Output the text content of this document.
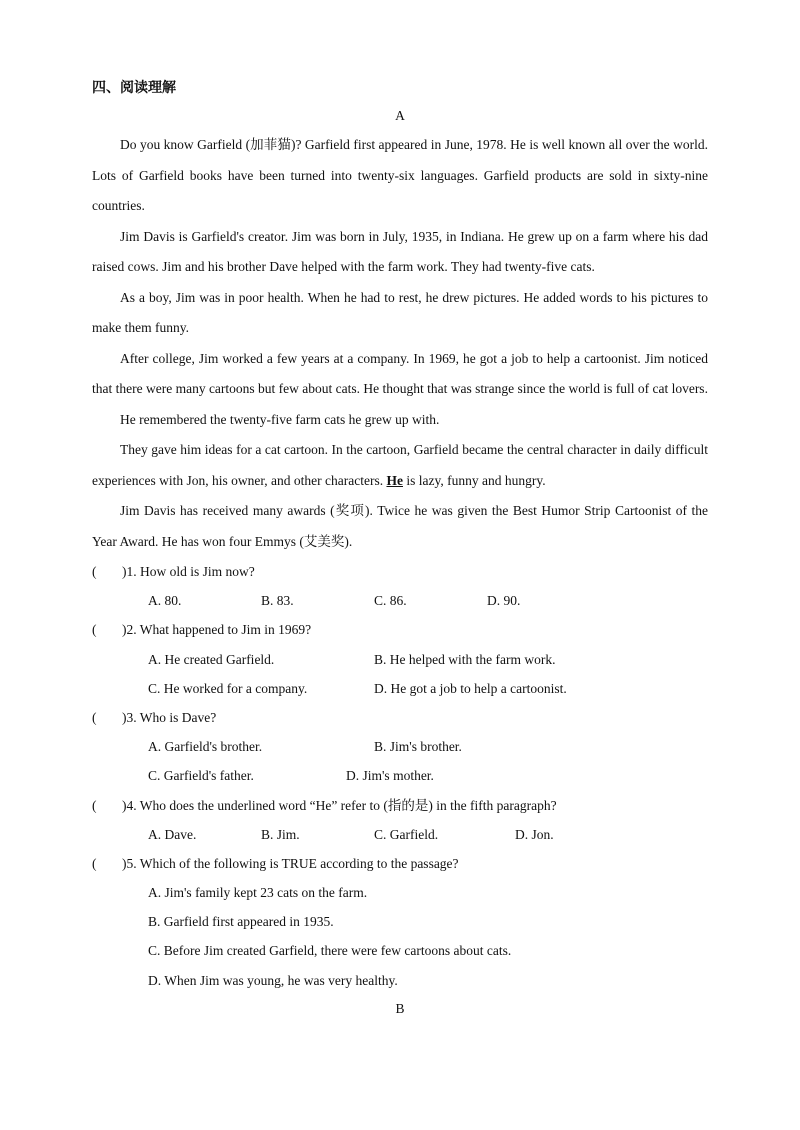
四、阅读理解
A

Do you know Garfield (加菲猫)? Garfield first appeared in June, 1978. He is well known all over the world. Lots of Garfield books have been turned into twenty-six languages. Garfield products are sold in sixty-nine countries.

Jim Davis is Garfield's creator. Jim was born in July, 1935, in Indiana. He grew up on a farm where his dad raised cows. Jim and his brother Dave helped with the farm work. They had twenty-five cats.

As a boy, Jim was in poor health. When he had to rest, he drew pictures. He added words to his pictures to make them funny.

After college, Jim worked a few years at a company. In 1969, he got a job to help a cartoonist. Jim noticed that there were many cartoons but few about cats. He thought that was strange since the world is full of cat lovers.

He remembered the twenty-five farm cats he grew up with.

They gave him ideas for a cat cartoon. In the cartoon, Garfield became the central character in daily difficult experiences with Jon, his owner, and other characters. He is lazy, funny and hungry.

Jim Davis has received many awards (奖项). Twice he was given the Best Humor Strip Cartoonist of the Year Award. He has won four Emmys (艾美奖).

( )1. How old is Jim now?
A. 80.	B. 83.	C. 86.	D. 90.
( )2. What happened to Jim in 1969?
A. He created Garfield.	B. He helped with the farm work.
C. He worked for a company.	D. He got a job to help a cartoonist.
( )3. Who is Dave?
A. Garfield's brother.	B. Jim's brother.
C. Garfield's father.	D. Jim's mother.
( )4. Who does the underlined word “He” refer to (指的是) in the fifth paragraph?
A. Dave.	B. Jim.	C. Garfield.	D. Jon.
( )5. Which of the following is TRUE according to the passage?
A. Jim's family kept 23 cats on the farm.
B. Garfield first appeared in 1935.
C. Before Jim created Garfield, there were few cartoons about cats.
D. When Jim was young, he was very healthy.
B
